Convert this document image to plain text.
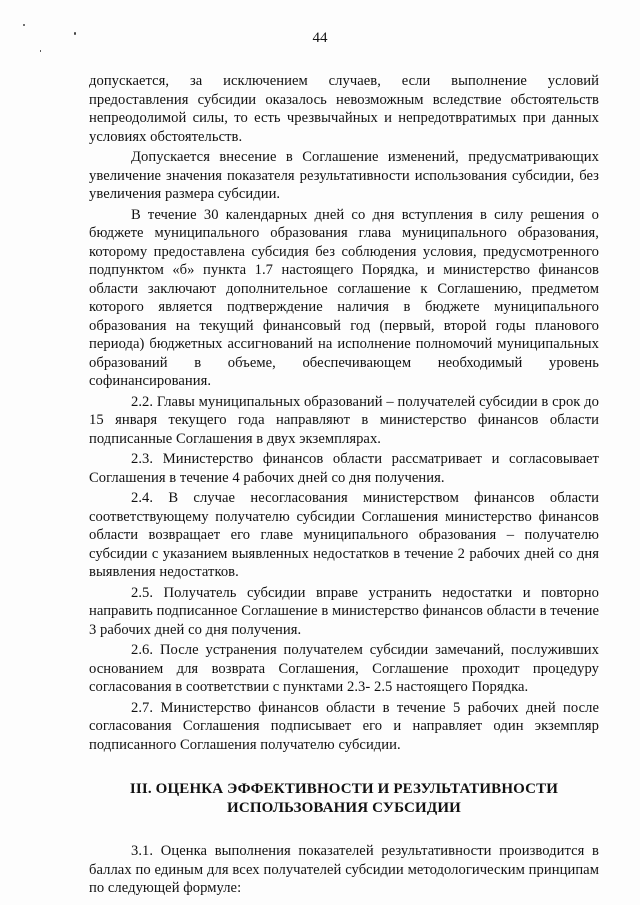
44

допускается, за исключением случаев, если выполнение условий предоставления субсидии оказалось невозможным вследствие обстоятельств непреодолимой силы, то есть чрезвычайных и непредотвратимых при данных условиях обстоятельств.

Допускается внесение в Соглашение изменений, предусматривающих увеличение значения показателя результативности использования субсидии, без увеличения размера субсидии.

В течение 30 календарных дней со дня вступления в силу решения о бюджете муниципального образования глава муниципального образования, которому предоставлена субсидия без соблюдения условия, предусмотренного подпунктом «б» пункта 1.7 настоящего Порядка, и министерство финансов области заключают дополнительное соглашение к Соглашению, предметом которого является подтверждение наличия в бюджете муниципального образования на текущий финансовый год (первый, второй годы планового периода) бюджетных ассигнований на исполнение полномочий муниципальных образований в объеме, обеспечивающем необходимый уровень софинансирования.

2.2. Главы муниципальных образований – получателей субсидии в срок до 15 января текущего года направляют в министерство финансов области подписанные Соглашения в двух экземплярах.

2.3. Министерство финансов области рассматривает и согласовывает Соглашения в течение 4 рабочих дней со дня получения.

2.4. В случае несогласования министерством финансов области соответствующему получателю субсидии Соглашения министерство финансов области возвращает его главе муниципального образования – получателю субсидии с указанием выявленных недостатков в течение 2 рабочих дней со дня выявления недостатков.

2.5. Получатель субсидии вправе устранить недостатки и повторно направить подписанное Соглашение в министерство финансов области в течение 3 рабочих дней со дня получения.

2.6. После устранения получателем субсидии замечаний, послуживших основанием для возврата Соглашения, Соглашение проходит процедуру согласования в соответствии с пунктами 2.3- 2.5 настоящего Порядка.

2.7. Министерство финансов области в течение 5 рабочих дней после согласования Соглашения подписывает его и направляет один экземпляр подписанного Соглашения получателю субсидии.

III. ОЦЕНКА ЭФФЕКТИВНОСТИ И РЕЗУЛЬТАТИВНОСТИ
ИСПОЛЬЗОВАНИЯ СУБСИДИИ

3.1. Оценка выполнения показателей результативности производится в баллах по единым для всех получателей субсидии методологическим принципам по следующей формуле:
